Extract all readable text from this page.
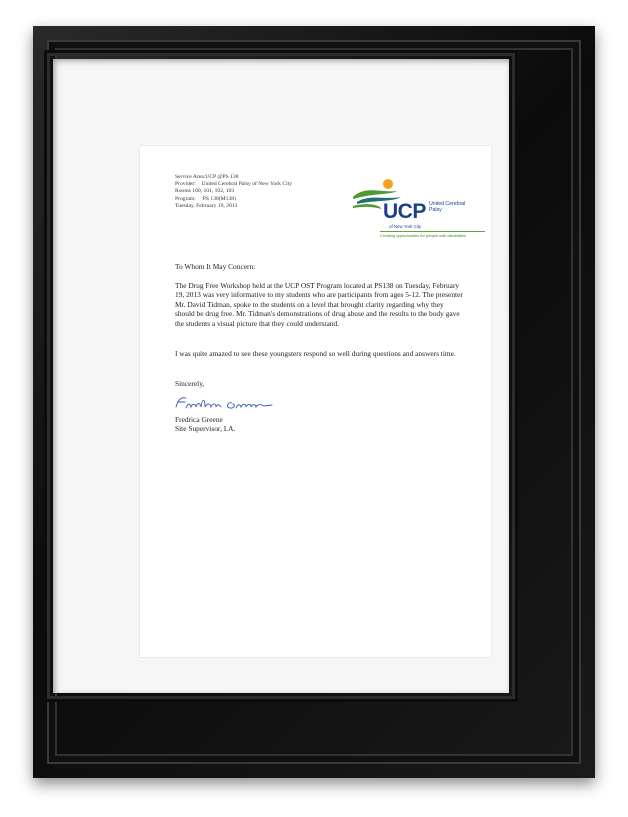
Service Area:UCP @PS 138
Provider:    United Cerebral Palsy of New York City
Rooms 100, 101, 102, 103
Program:     PS 138(M138)
Tuesday, February 19, 2013	UCP United Cerebral Palsy
of New York City
Creating opportunities for people with disabilities
To Whom It May Concern:
The Drug Free Workshop held at the UCP OST Program located at PS138 on Tuesday, February 19, 2013 was very informative to my students who are participants from ages 5-12. The presenter Mr. David Tidman, spoke to the students on a level that brought clarity regarding why they should be drug free. Mr. Tidman's demonstrations of drug abuse and the results to the body gave the students a visual picture that they could understand.
I was quite amazed to see these youngsters respond so well during questions and answers time.
Sincerely,
Fredrica Greene
Site Supervisor, I.A.
